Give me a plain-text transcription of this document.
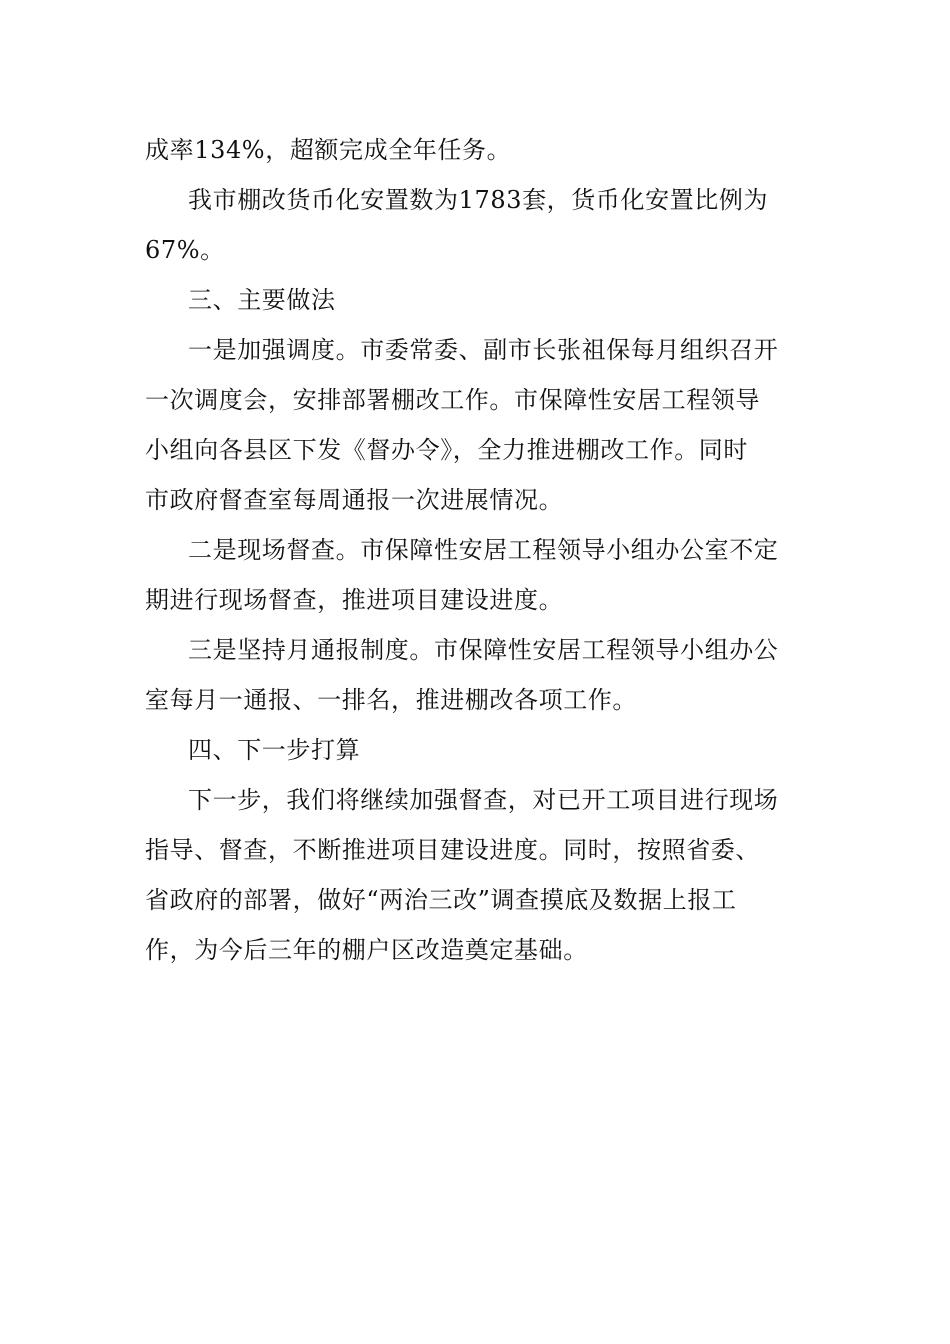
成率134%，超额完成全年任务。
我市棚改货币化安置数为1783套，货币化安置比例为
67%。
三、主要做法
一是加强调度。市委常委、副市长张祖保每月组织召开
一次调度会，安排部署棚改工作。市保障性安居工程领导
小组向各县区下发《督办令》，全力推进棚改工作。同时
市政府督查室每周通报一次进展情况。
二是现场督查。市保障性安居工程领导小组办公室不定
期进行现场督查，推进项目建设进度。
三是坚持月通报制度。市保障性安居工程领导小组办公
室每月一通报、一排名，推进棚改各项工作。
四、下一步打算
下一步，我们将继续加强督查，对已开工项目进行现场
指导、督查，不断推进项目建设进度。同时，按照省委、
省政府的部署，做好“两治三改”调查摸底及数据上报工
作，为今后三年的棚户区改造奠定基础。
